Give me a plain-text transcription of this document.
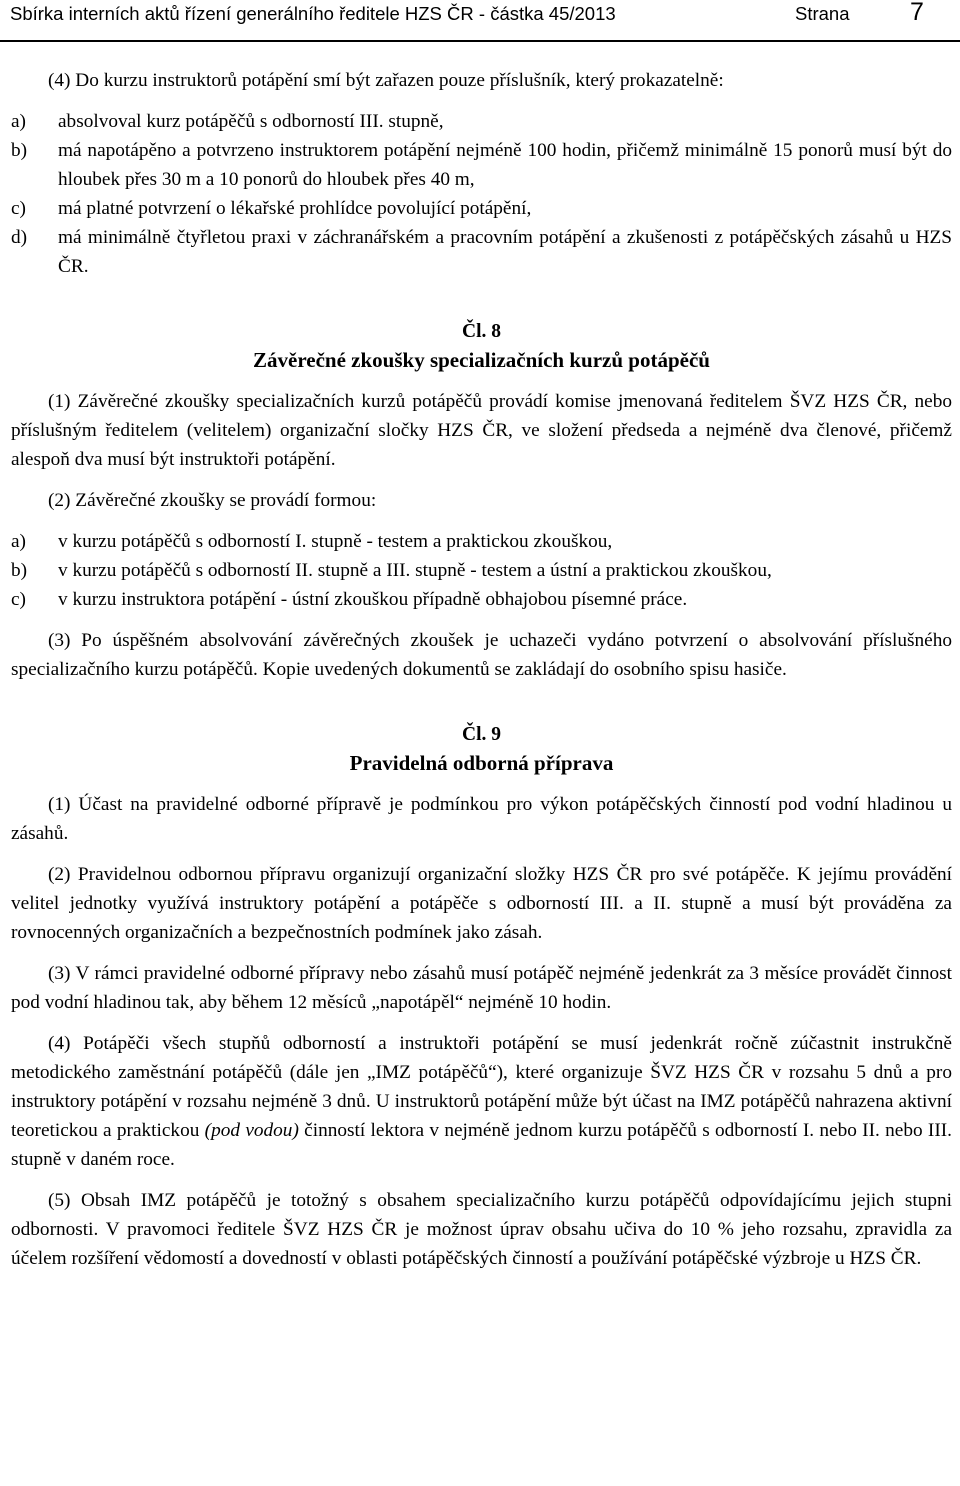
Sbírka interních aktů řízení generálního ředitele HZS ČR - částka 45/2013	Strana 7

(4) Do kurzu instruktorů potápění smí být zařazen pouze příslušník, který prokazatelně:

a)	absolvoval kurz potápěčů s odborností III. stupně,
b)	má napotápěno a potvrzeno instruktorem potápění nejméně 100 hodin, přičemž minimálně 15 ponorů musí být do hloubek přes 30 m a 10 ponorů do hloubek přes 40 m,
c)	má platné potvrzení o lékařské prohlídce povolující potápění,
d)	má minimálně čtyřletou praxi v záchranářském a pracovním potápění a zkušenosti z potápěčských zásahů u HZS ČR.

Čl. 8

Závěrečné zkoušky specializačních kurzů potápěčů

(1) Závěrečné zkoušky specializačních kurzů potápěčů provádí komise jmenovaná ředitelem ŠVZ HZS ČR, nebo příslušným ředitelem (velitelem) organizační sločky HZS ČR, ve složení předseda a nejméně dva členové, přičemž alespoň dva musí být instruktoři potápění.

(2) Závěrečné zkoušky se provádí formou:

a)	v kurzu potápěčů s odborností I. stupně - testem a praktickou zkouškou,
b)	v kurzu potápěčů s odborností II. stupně a III. stupně - testem a ústní a praktickou zkouškou,
c)	v kurzu instruktora potápění - ústní zkouškou případně obhajobou písemné práce.

(3) Po úspěšném absolvování závěrečných zkoušek je uchazeči vydáno potvrzení o absolvování příslušného specializačního kurzu potápěčů. Kopie uvedených dokumentů se zakládají do osobního spisu hasiče.

Čl. 9

Pravidelná odborná příprava

(1) Účast na pravidelné odborné přípravě je podmínkou pro výkon potápěčských činností pod vodní hladinou u zásahů.

(2) Pravidelnou odbornou přípravu organizují organizační složky HZS ČR pro své potápěče. K jejímu provádění velitel jednotky využívá instruktory potápění a potápěče s odborností III. a II. stupně a musí být prováděna za rovnocenných organizačních a bezpečnostních podmínek jako zásah.

(3) V rámci pravidelné odborné přípravy nebo zásahů musí potápěč nejméně jedenkrát za 3 měsíce provádět činnost pod vodní hladinou tak, aby během 12 měsíců „napotápěl“ nejméně 10 hodin.

(4) Potápěči všech stupňů odborností a instruktoři potápění se musí jedenkrát ročně zúčastnit instrukčně metodického zaměstnání potápěčů (dále jen „IMZ potápěčů“), které organizuje ŠVZ HZS ČR v rozsahu 5 dnů a pro instruktory potápění v rozsahu nejméně 3 dnů. U instruktorů potápění může být účast na IMZ potápěčů nahrazena aktivní teoretickou a praktickou (pod vodou) činností lektora v nejméně jednom kurzu potápěčů s odborností I. nebo II. nebo III. stupně v daném roce.

(5) Obsah IMZ potápěčů je totožný s obsahem specializačního kurzu potápěčů odpovídajícímu jejich stupni odbornosti. V pravomoci ředitele ŠVZ HZS ČR je možnost úprav obsahu učiva do 10 % jeho rozsahu, zpravidla za účelem rozšíření vědomostí a dovedností v oblasti potápěčských činností a používání potápěčské výzbroje u HZS ČR.
